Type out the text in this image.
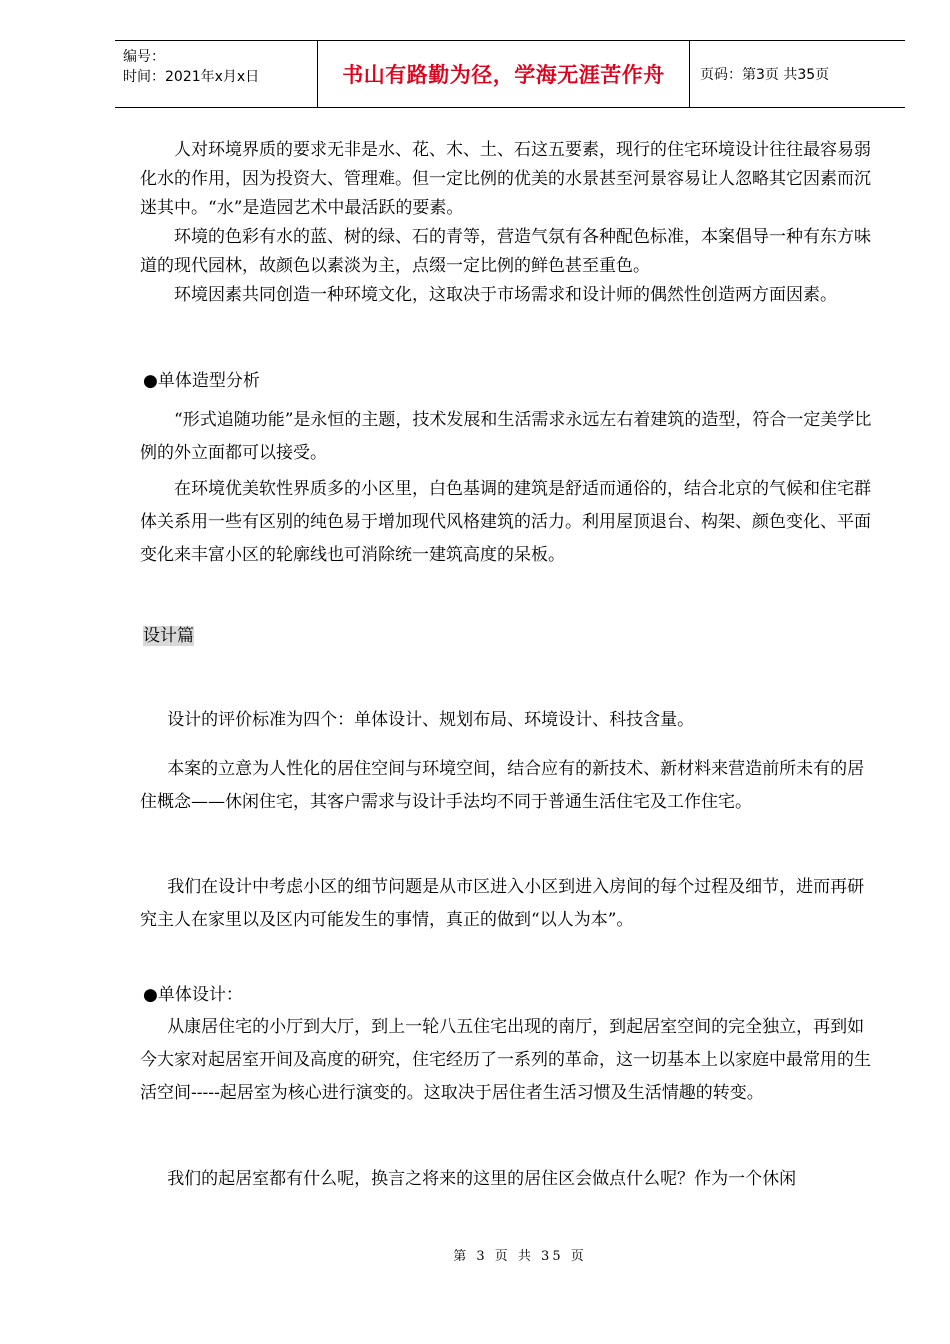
编号：
时间：2021年x月x日	书山有路勤为径，学海无涯苦作舟	页码：第3页 共35页

人对环境界质的要求无非是水、花、木、土、石这五要素，现行的住宅环境设计往往最容易弱化水的作用，因为投资大、管理难。但一定比例的优美的水景甚至河景容易让人忽略其它因素而沉迷其中。“水”是造园艺术中最活跃的要素。

环境的色彩有水的蓝、树的绿、石的青等，营造气氛有各种配色标准，本案倡导一种有东方味道的现代园林，故颜色以素淡为主，点缀一定比例的鲜色甚至重色。

环境因素共同创造一种环境文化，这取决于市场需求和设计师的偶然性创造两方面因素。

●单体造型分析

“形式追随功能”是永恒的主题，技术发展和生活需求永远左右着建筑的造型，符合一定美学比例的外立面都可以接受。

在环境优美软性界质多的小区里，白色基调的建筑是舒适而通俗的，结合北京的气候和住宅群体关系用一些有区别的纯色易于增加现代风格建筑的活力。利用屋顶退台、构架、颜色变化、平面变化来丰富小区的轮廓线也可消除统一建筑高度的呆板。

设计篇

设计的评价标准为四个：单体设计、规划布局、环境设计、科技含量。

本案的立意为人性化的居住空间与环境空间，结合应有的新技术、新材料来营造前所未有的居住概念——休闲住宅，其客户需求与设计手法均不同于普通生活住宅及工作住宅。

我们在设计中考虑小区的细节问题是从市区进入小区到进入房间的每个过程及细节，进而再研究主人在家里以及区内可能发生的事情，真正的做到“以人为本”。

●单体设计：

从康居住宅的小厅到大厅，到上一轮八五住宅出现的南厅，到起居室空间的完全独立，再到如今大家对起居室开间及高度的研究，住宅经历了一系列的革命，这一切基本上以家庭中最常用的生活空间-----起居室为核心进行演变的。这取决于居住者生活习惯及生活情趣的转变。

我们的起居室都有什么呢，换言之将来的这里的居住区会做点什么呢？作为一个休闲

第 3 页 共 35 页
